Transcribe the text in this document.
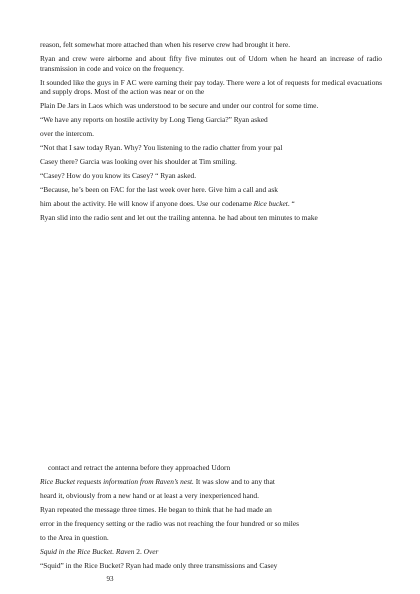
reason, felt somewhat more attached than when his reserve crew had brought it here.

Ryan and crew were airborne and about fifty five minutes out of Udorn when he heard an increase of radio transmission in code and voice on the frequency.

It sounded like the guys in F AC were earning their pay today. There were a lot of requests for medical evacuations and supply drops. Most of the action was near or on the

Plain De Jars in Laos which was understood to be secure and under our control for some time.

“We have any reports on hostile activity by Long Tieng Garcia?” Ryan asked

over the intercom.

“Not that I saw today Ryan. Why? You listening to the radio chatter from your pal

Casey there? Garcia was looking over his shoulder at Tim smiling.

“Casey? How do you know its Casey? “ Ryan asked.

“Because, he’s been on FAC for the last week over here. Give him a call and ask

him about the activity. He will know if anyone does. Use our codename Rice bucket. “

Ryan slid into the radio sent and let out the trailing antenna. he had about ten minutes to make

contact and retract the antenna before they approached Udorn

Rice Bucket requests information from Raven’s nest. It was slow and to any that

heard it, obviously from a new hand or at least a very inexperienced hand.

Ryan repeated the message three times. He began to think that he had made an

error in the frequency setting or the radio was not reaching the four hundred or so miles

to the Area in question.

Squid in the Rice Bucket. Raven 2. Over

“Squid” in the Rice Bucket? Ryan had made only three transmissions and Casey

93
